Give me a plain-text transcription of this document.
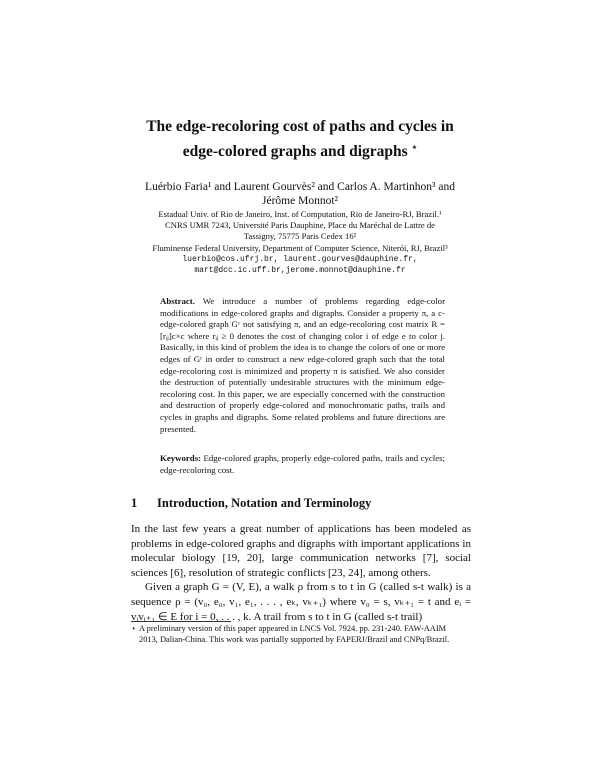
The edge-recoloring cost of paths and cycles in
edge-colored graphs and digraphs ⋆
Luérbio Faria¹ and Laurent Gourvès² and Carlos A. Martinhon³ and
Jérôme Monnot²
Estadual Univ. of Rio de Janeiro, Inst. of Computation, Rio de Janeiro-RJ, Brazil.¹
CNRS UMR 7243, Université Paris Dauphine, Place du Maréchal de Lattre de
Tassigny, 75775 Paris Cedex 16²
Fluminense Federal University, Department of Computer Science, Niterói, RJ, Brazil³
luerbio@cos.ufrj.br, laurent.gourves@dauphine.fr,
mart@dcc.ic.uff.br,jerome.monnot@dauphine.fr
Abstract. We introduce a number of problems regarding edge-color modifications in edge-colored graphs and digraphs. Consider a property π, a c-edge-colored graph Gᶜ not satisfying π, and an edge-recoloring cost matrix R = [rᵢⱼ]c×c where rᵢⱼ ≥ 0 denotes the cost of changing color i of edge e to color j. Basically, in this kind of problem the idea is to change the colors of one or more edges of Gᶜ in order to construct a new edge-colored graph such that the total edge-recoloring cost is minimized and property π is satisfied. We also consider the destruction of potentially undesirable structures with the minimum edge-recoloring cost. In this paper, we are especially concerned with the construction and destruction of properly edge-colored and monochromatic paths, trails and cycles in graphs and digraphs. Some related problems and future directions are presented.
Keywords: Edge-colored graphs, properly edge-colored paths, trails and cycles; edge-recoloring cost.
1 Introduction, Notation and Terminology

In the last few years a great number of applications has been modeled as problems in edge-colored graphs and digraphs with important applications in molecular biology [19, 20], large communication networks [7], social sciences [6], resolution of strategic conflicts [23, 24], among others.

Given a graph G = (V, E), a walk ρ from s to t in G (called s-t walk) is a sequence ρ = (v₀, e₀, v₁, e₁, . . . , eₖ, vₖ₊₁) where v₀ = s, vₖ₊₁ = t and eᵢ = vᵢvᵢ₊₁ ∈ E for i = 0, . . . , k. A trail from s to t in G (called s-t trail)

⋆ A preliminary version of this paper appeared in LNCS Vol. 7924. pp. 231-240. FAW-AAIM 2013, Dalian-China. This work was partially supported by FAPERJ/Brazil and CNPq/Brazil.
